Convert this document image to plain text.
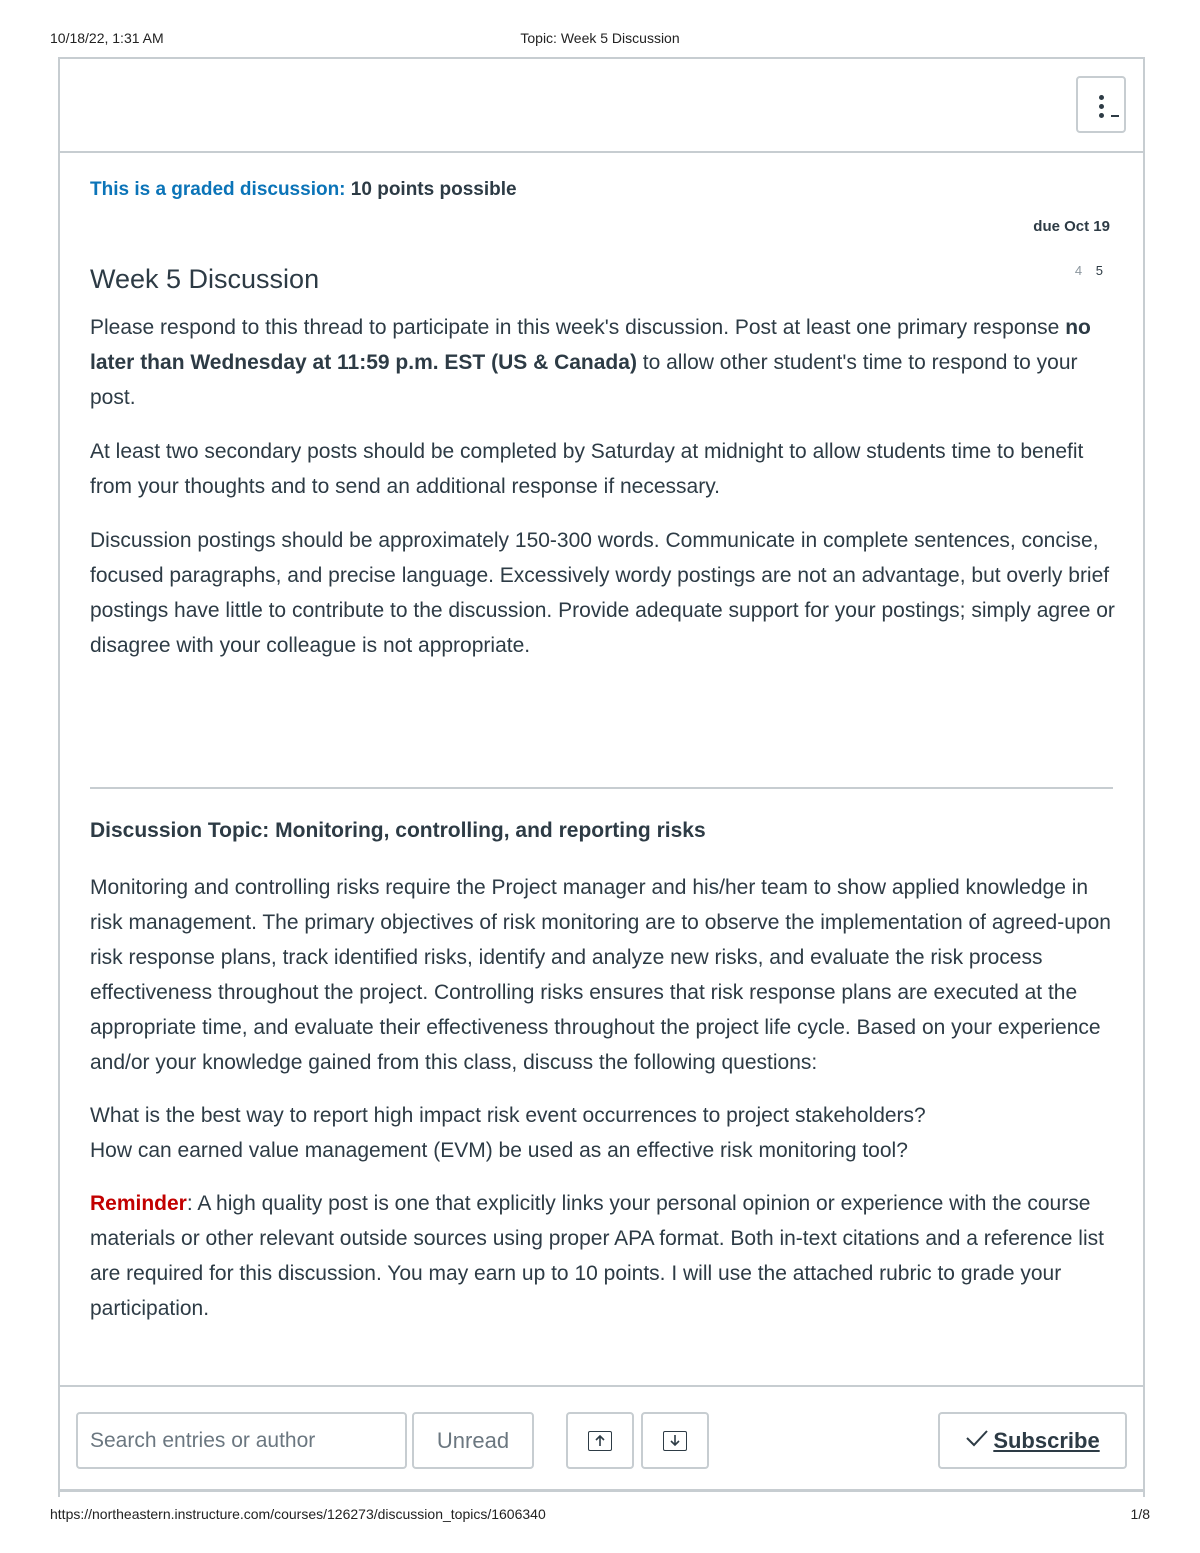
10/18/22, 1:31 AM	Topic: Week 5 Discussion
This is a graded discussion: 10 points possible
due Oct 19
4 5
Week 5 Discussion

Please respond to this thread to participate in this week's discussion. Post at least one primary response no later than Wednesday at 11:59 p.m. EST (US & Canada) to allow other student's time to respond to your post.

At least two secondary posts should be completed by Saturday at midnight to allow students time to benefit from your thoughts and to send an additional response if necessary.

Discussion postings should be approximately 150-300 words. Communicate in complete sentences, concise, focused paragraphs, and precise language. Excessively wordy postings are not an advantage, but overly brief postings have little to contribute to the discussion. Provide adequate support for your postings; simply agree or disagree with your colleague is not appropriate.

Discussion Topic: Monitoring, controlling, and reporting risks

Monitoring and controlling risks require the Project manager and his/her team to show applied knowledge in risk management. The primary objectives of risk monitoring are to observe the implementation of agreed-upon risk response plans, track identified risks, identify and analyze new risks, and evaluate the risk process effectiveness throughout the project. Controlling risks ensures that risk response plans are executed at the appropriate time, and evaluate their effectiveness throughout the project life cycle. Based on your experience and/or your knowledge gained from this class, discuss the following questions:

What is the best way to report high impact risk event occurrences to project stakeholders?
How can earned value management (EVM) be used as an effective risk monitoring tool?

Reminder: A high quality post is one that explicitly links your personal opinion or experience with the course materials or other relevant outside sources using proper APA format. Both in-text citations and a reference list are required for this discussion. You may earn up to 10 points. I will use the attached rubric to grade your participation.

Search entries or author
Unread	Subscribe
https://northeastern.instructure.com/courses/126273/discussion_topics/1606340	1/8
